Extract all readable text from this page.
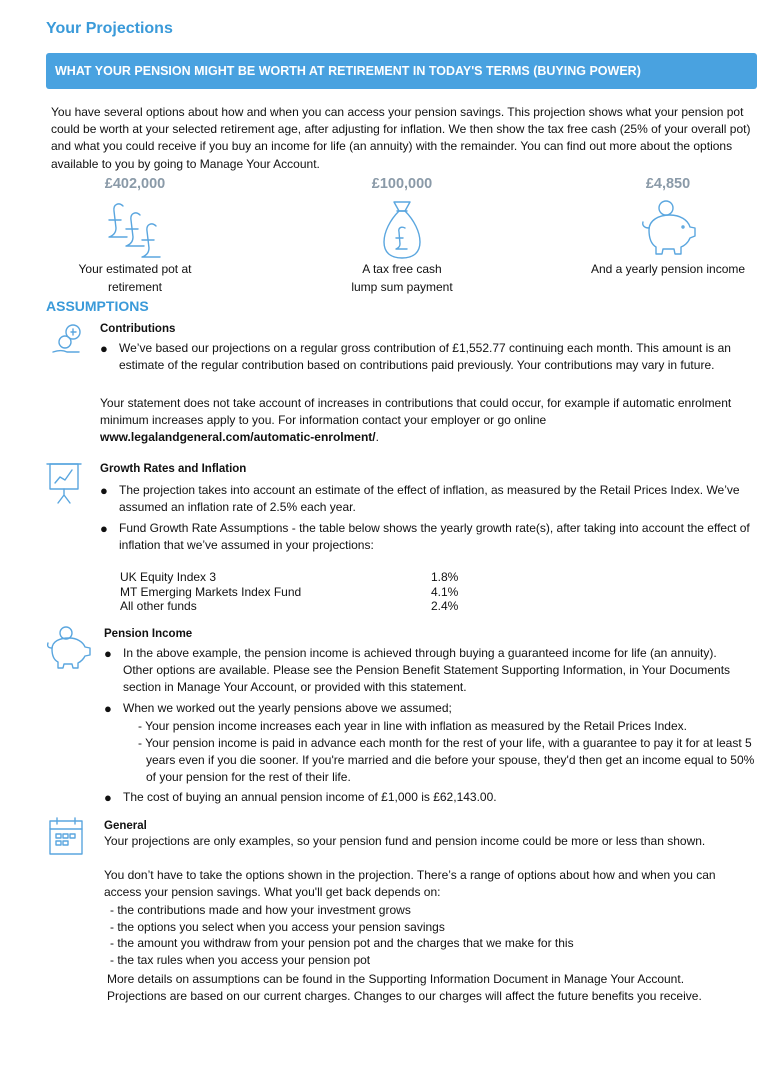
Your Projections
WHAT YOUR PENSION MIGHT BE WORTH AT RETIREMENT IN TODAY'S TERMS (BUYING POWER)
You have several options about how and when you can access your pension savings. This projection shows what your pension pot could be worth at your selected retirement age, after adjusting for inflation. We then show the tax free cash (25% of your overall pot) and what you could receive if you buy an income for life (an annuity) with the remainder. You can find out more about the options available to you by going to Manage Your Account.
£402,000	£100,000	£4,850
Your estimated pot at
retirement
A tax free cash
lump sum payment
And a yearly pension income
ASSUMPTIONS
Contributions
● We’ve based our projections on a regular gross contribution of £1,552.77 continuing each month. This amount is an estimate of the regular contribution based on contributions paid previously. Your contributions may vary in future.
Your statement does not take account of increases in contributions that could occur, for example if automatic enrolment minimum increases apply to you. For information contact your employer or go online www.legalandgeneral.com/automatic-enrolment/.
Growth Rates and Inflation
● The projection takes into account an estimate of the effect of inflation, as measured by the Retail Prices Index. We’ve assumed an inflation rate of 2.5% each year.
● Fund Growth Rate Assumptions - the table below shows the yearly growth rate(s), after taking into account the effect of inflation that we’ve assumed in your projections:
UK Equity Index 3	1.8%
MT Emerging Markets Index Fund	4.1%
All other funds	2.4%
Pension Income
● In the above example, the pension income is achieved through buying a guaranteed income for life (an annuity). Other options are available. Please see the Pension Benefit Statement Supporting Information, in Your Documents section in Manage Your Account, or provided with this statement.
● When we worked out the yearly pensions above we assumed;
- Your pension income increases each year in line with inflation as measured by the Retail Prices Index.
- Your pension income is paid in advance each month for the rest of your life, with a guarantee to pay it for at least 5 years even if you die sooner. If you're married and die before your spouse, they'd then get an income equal to 50% of your pension for the rest of their life.
● The cost of buying an annual pension income of £1,000 is £62,143.00.
General
Your projections are only examples, so your pension fund and pension income could be more or less than shown.
You don’t have to take the options shown in the projection. There’s a range of options about how and when you can access your pension savings. What you'll get back depends on:
- the contributions made and how your investment grows
- the options you select when you access your pension savings
- the amount you withdraw from your pension pot and the charges that we make for this
- the tax rules when you access your pension pot
More details on assumptions can be found in the Supporting Information Document in Manage Your Account.
Projections are based on our current charges. Changes to our charges will affect the future benefits you receive.
